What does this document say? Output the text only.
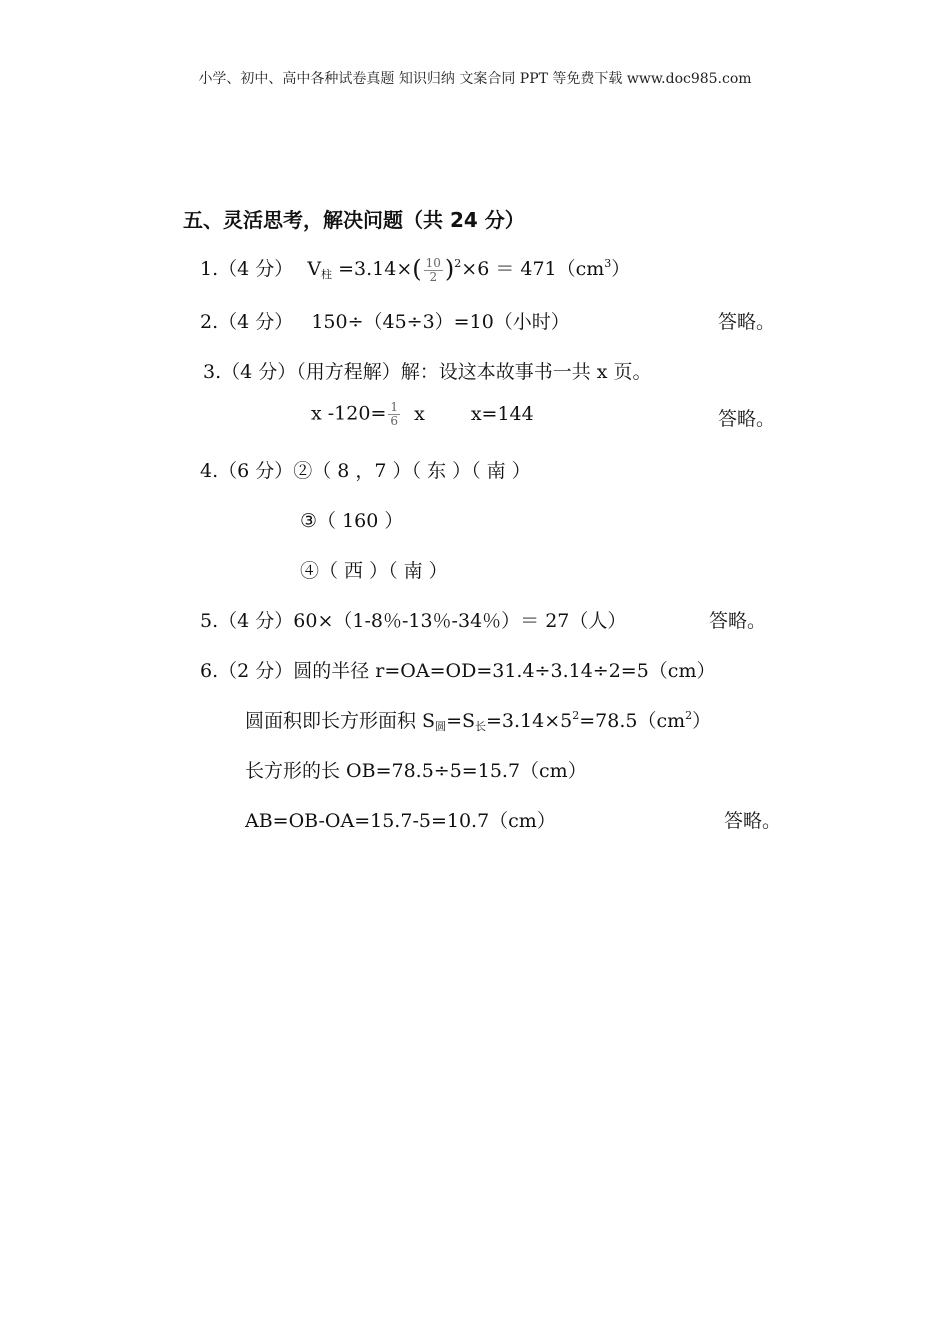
小学、初中、高中各种试卷真题 知识归纳 文案合同 PPT 等免费下载 www.doc985.com
五、灵活思考，解决问题（共 24 分）
1.（4 分） $V_柱 =3.14\times( \frac{10}{2} )^2\times 6 = 471(cm^3)$
2.（4 分） 150÷（45÷3）=10（小时）	答略。
3.（4 分）（用方程解）解：设这本故事书一共 x 页。
x $-120= \frac{1}{6}$ x x=144	答略。
4.（6 分）②（ 8 ，7 ）（ 东 ）（ 南 ）
③（ 160 ）
④（ 西 ）（ 南 ）
5.（4 分）60×（1-8％-13％-34％）＝ 27（人）	答略。
6.（2 分）圆的半径 r=OA=OD=31.4÷3.14÷2=5（cm）
圆面积即长方形面积 $S_圆=S_长=3.14\times 5^2=78.5(cm^2)$
长方形的长 OB=78.5÷5=15.7（cm）
AB=OB-OA=15.7-5=10.7（cm）	答略。
